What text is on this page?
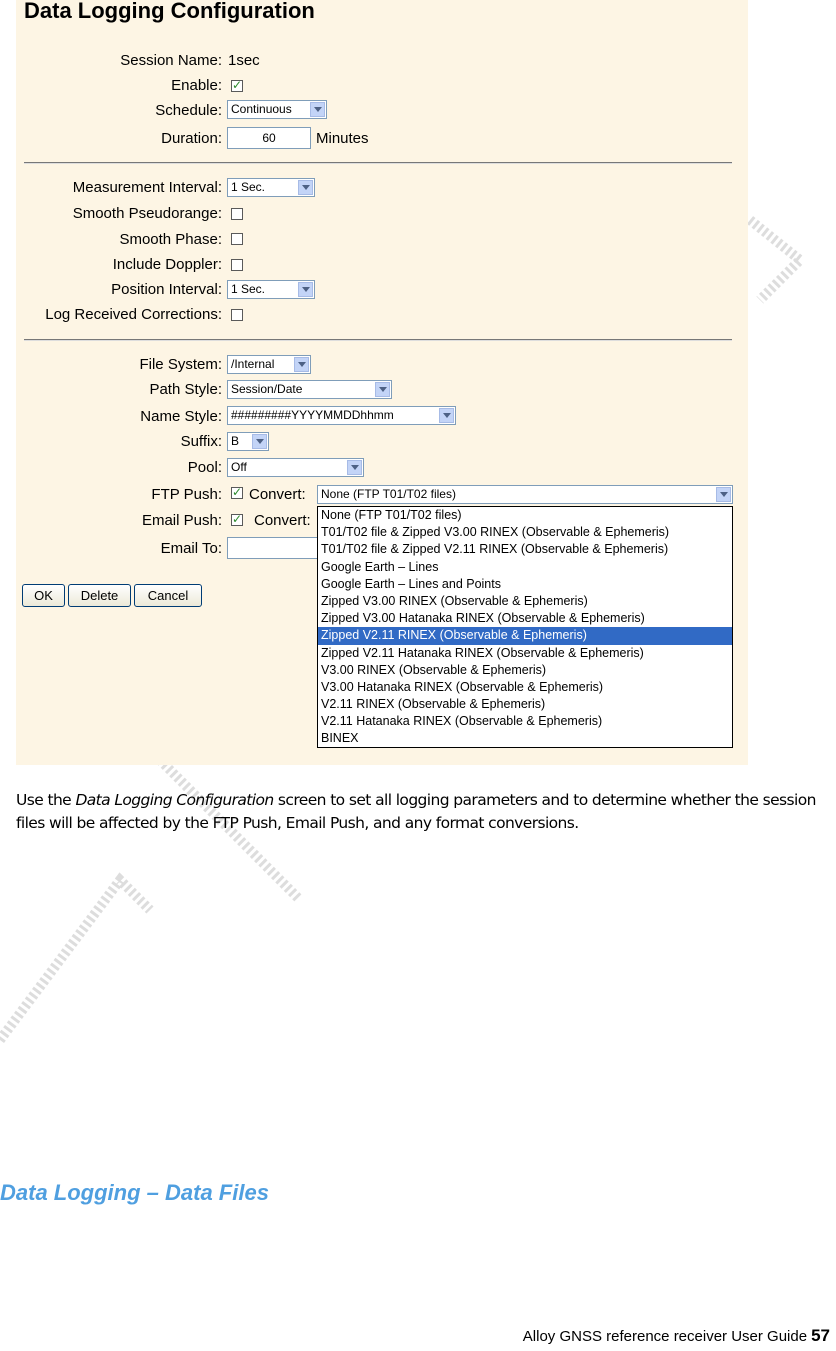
Data Logging Configuration
Session Name: 1sec
Enable:
✓
Schedule: Continuous
Duration:	60	Minutes
Measurement Interval: 1 Sec.
Smooth Pseudorange:
Smooth Phase:
Include Doppler:
Position Interval: 1 Sec.
Log Received Corrections:
File System: /Internal
Path Style: Session/Date
Name Style: #########YYYYMMDDhhmm
Suffix: B
Pool: Off
FTP Push: ✓ Convert:	None (FTP T01/T02 files)
Email Push: ✓ Convert:
Email To:
OK	Delete	Cancel
None (FTP T01/T02 files)
T01/T02 file & Zipped V3.00 RINEX (Observable & Ephemeris)
T01/T02 file & Zipped V2.11 RINEX (Observable & Ephemeris)
Google Earth – Lines
Google Earth – Lines and Points
Zipped V3.00 RINEX (Observable & Ephemeris)
Zipped V3.00 Hatanaka RINEX (Observable & Ephemeris)
Zipped V2.11 RINEX (Observable & Ephemeris)
Zipped V2.11 Hatanaka RINEX (Observable & Ephemeris)
V3.00 RINEX (Observable & Ephemeris)
V3.00 Hatanaka RINEX (Observable & Ephemeris)
V2.11 RINEX (Observable & Ephemeris)
V2.11 Hatanaka RINEX (Observable & Ephemeris)
BINEX
Use the Data Logging Configuration screen to set all logging parameters and to determine whether the session files will be affected by the FTP Push, Email Push, and any format conversions.
Data Logging – Data Files
Alloy GNSS reference receiver User Guide 57
